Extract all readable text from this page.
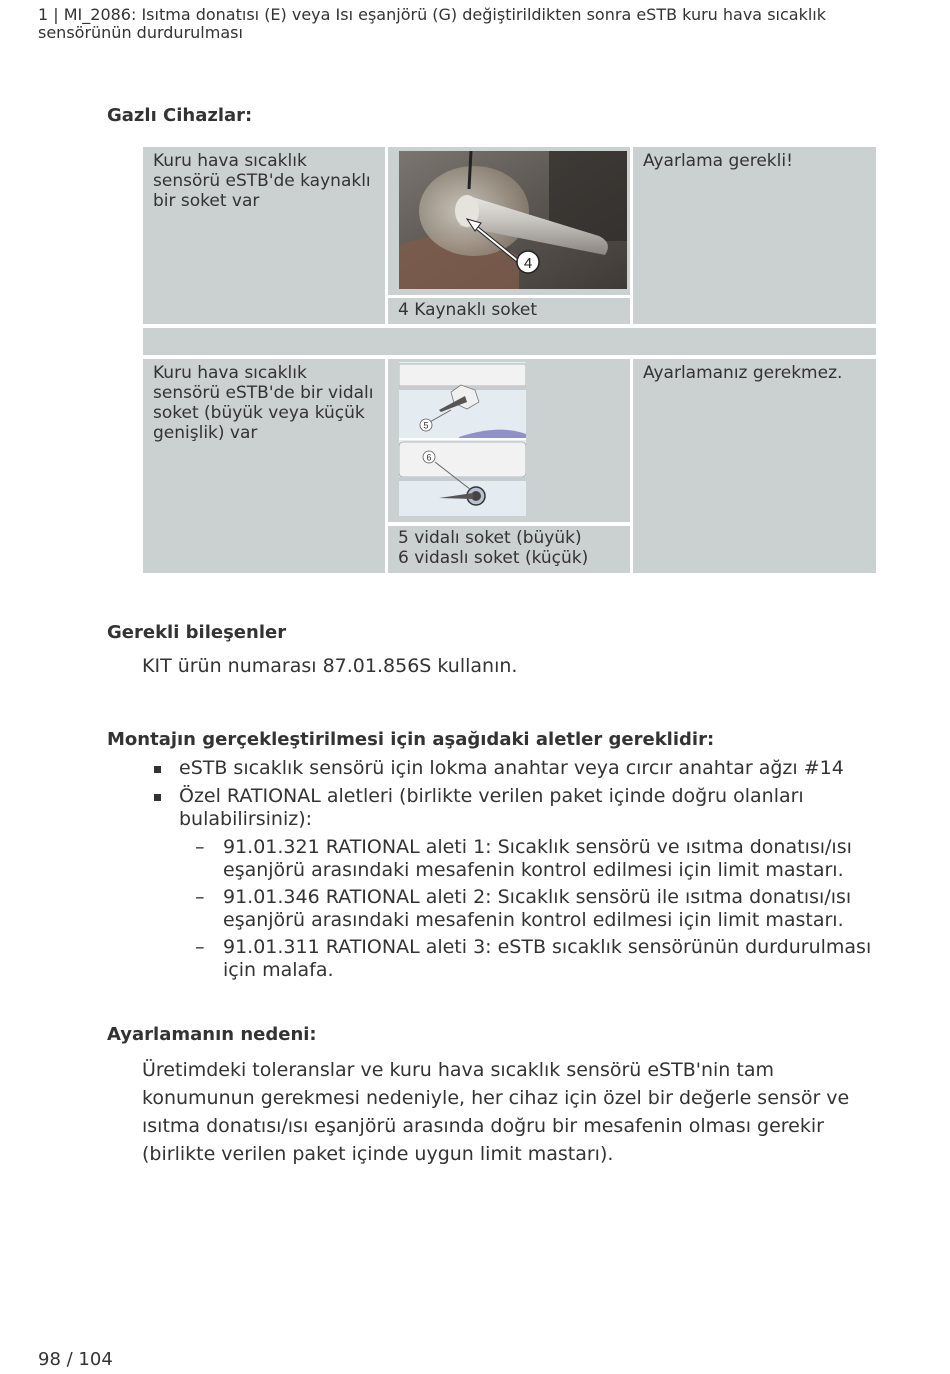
1 | MI_2086: Isıtma donatısı (E) veya Isı eşanjörü (G) değiştirildikten sonra eSTB kuru hava sıcaklık sensörünün durdurulması
Gazlı Cihazlar:
Kuru hava sıcaklık sensörü eSTB'de kaynaklı bir soket var
4
4 Kaynaklı soket
Ayarlama gerekli!
Kuru hava sıcaklık sensörü eSTB'de bir vidalı soket (büyük veya küçük genişlik) var	5
6
5 vidalı soket (büyük)
6 vidaslı soket (küçük)
Ayarlamanız gerekmez.
Gerekli bileşenler
KIT ürün numarası 87.01.856S kullanın.
Montajın gerçekleştirilmesi için aşağıdaki aletler gereklidir:
eSTB sıcaklık sensörü için lokma anahtar veya cırcır anahtar ağzı #14
Özel RATIONAL aletleri (birlikte verilen paket içinde doğru olanları bulabilirsiniz):
– 91.01.321 RATIONAL aleti 1: Sıcaklık sensörü ve ısıtma donatısı/ısı eşanjörü arasındaki mesafenin kontrol edilmesi için limit mastarı.
– 91.01.346 RATIONAL aleti 2: Sıcaklık sensörü ile ısıtma donatısı/ısı eşanjörü arasındaki mesafenin kontrol edilmesi için limit mastarı.
– 91.01.311 RATIONAL aleti 3: eSTB sıcaklık sensörünün durdurulması için malafa.
Ayarlamanın nedeni:
Üretimdeki toleranslar ve kuru hava sıcaklık sensörü eSTB'nin tam konumunun gerekmesi nedeniyle, her cihaz için özel bir değerle sensör ve ısıtma donatısı/ısı eşanjörü arasında doğru bir mesafenin olması gerekir (birlikte verilen paket içinde uygun limit mastarı).
98 / 104
